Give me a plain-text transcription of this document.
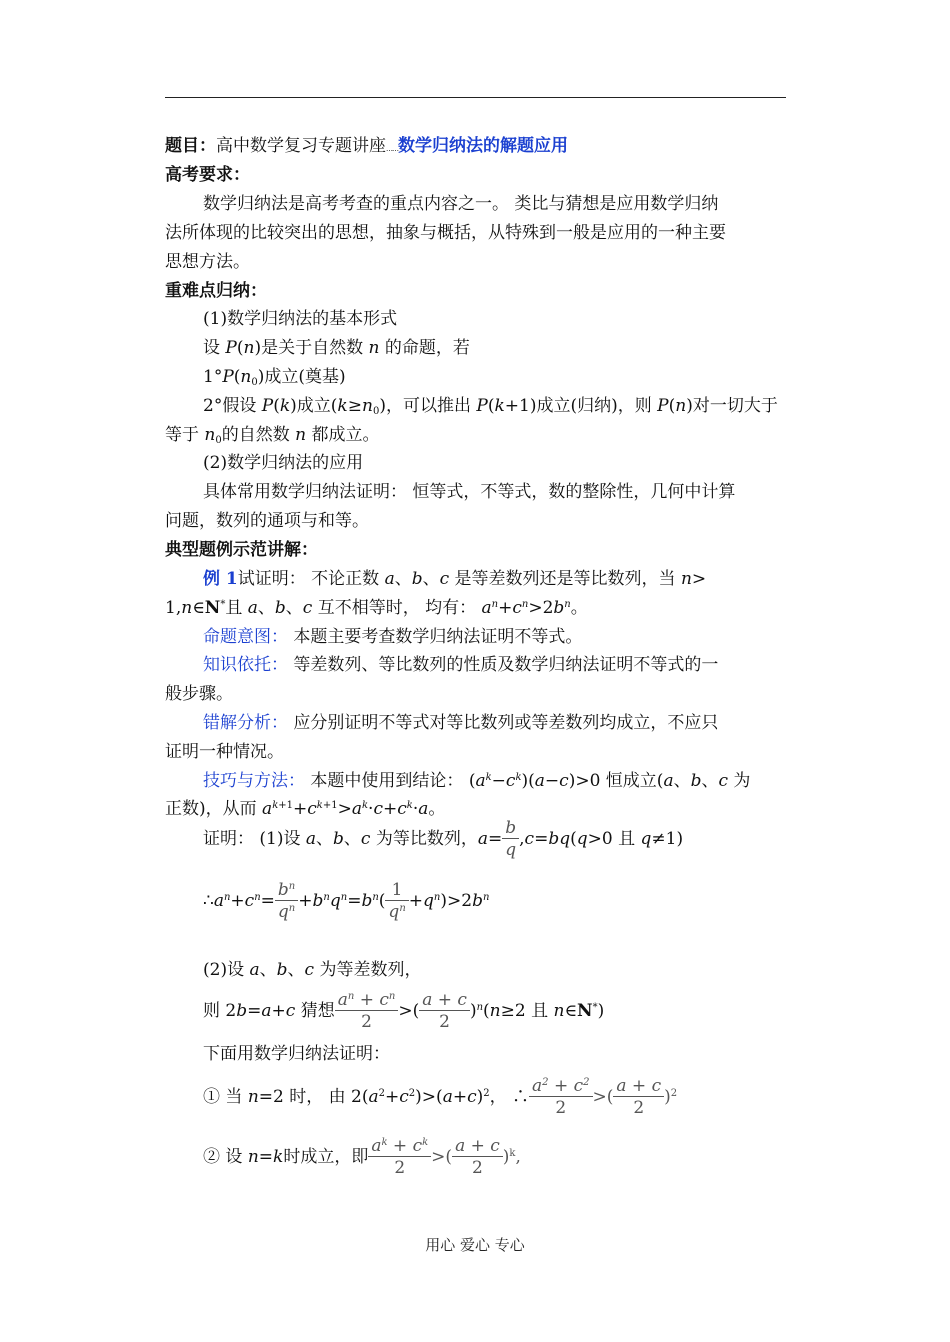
题目：高中数学复习专题讲座……数学归纳法的解题应用
高考要求：
数学归纳法是高考考查的重点内容之一。 类比与猜想是应用数学归纳
法所体现的比较突出的思想，抽象与概括，从特殊到一般是应用的一种主要
思想方法。
重难点归纳：
(1)数学归纳法的基本形式
设 P(n)是关于自然数 n 的命题，若
$1^\circ P(n_0)$成立(奠基)
2°假设 P(k)成立$(k\ge n_0)$，可以推出 P(k+1)成立(归纳)，则 P(n)对一切大于
等于 $n_0$的自然数 n 都成立。
(2)数学归纳法的应用
具体常用数学归纳法证明： 恒等式，不等式，数的整除性，几何中计算
问题，数列的通项与和等。
典型题例示范讲解：
例 1试证明： 不论正数 a、b、c 是等差数列还是等比数列，当 n>
1,n∈N*且 a、b、c 互不相等时， 均有： $a^n+c^n>2b^n$。
命题意图： 本题主要考查数学归纳法证明不等式。
知识依托： 等差数列、等比数列的性质及数学归纳法证明不等式的一
般步骤。
错解分析： 应分别证明不等式对等比数列或等差数列均成立，不应只
证明一种情况。
技巧与方法： 本题中使用到结论： $(a^k-c^k)(a-c)>0$ 恒成立(a、b、c 为
正数)，从而 $a^{k+1}+c^{k+1}>a^k\cdot c+c^k\cdot a$。
证明： (1)设 a、b、c 为等比数列，$a= \frac{b}{q} ,c=bq(q>0$ 且 q≠1)
$\therefore a^n+c^n= \frac{b^n}{q^n} +b^nq^n=b^n( \frac{1}{q^n} +q^n)>2b^n$
(2)设 a、b、c 为等差数列，
则 2b=a+c 猜想 $\frac{a^n + c^n}{2}$ >( $\frac{a + c}{2} )^n(n\ge 2$ 且 n∈N*)
下面用数学归纳法证明：
① 当 n=2 时， 由 $2(a^2+c^2)>(a+c)^2$， ∴ $\frac{a^2 + c^2}{2}$ >( $\frac{a + c}{2} )^2$
② 设 n=k时成立，即 $\frac{a^k + c^k}{2}$ >( $\frac{a + c}{2} )^k$,
用心 爱心 专心
